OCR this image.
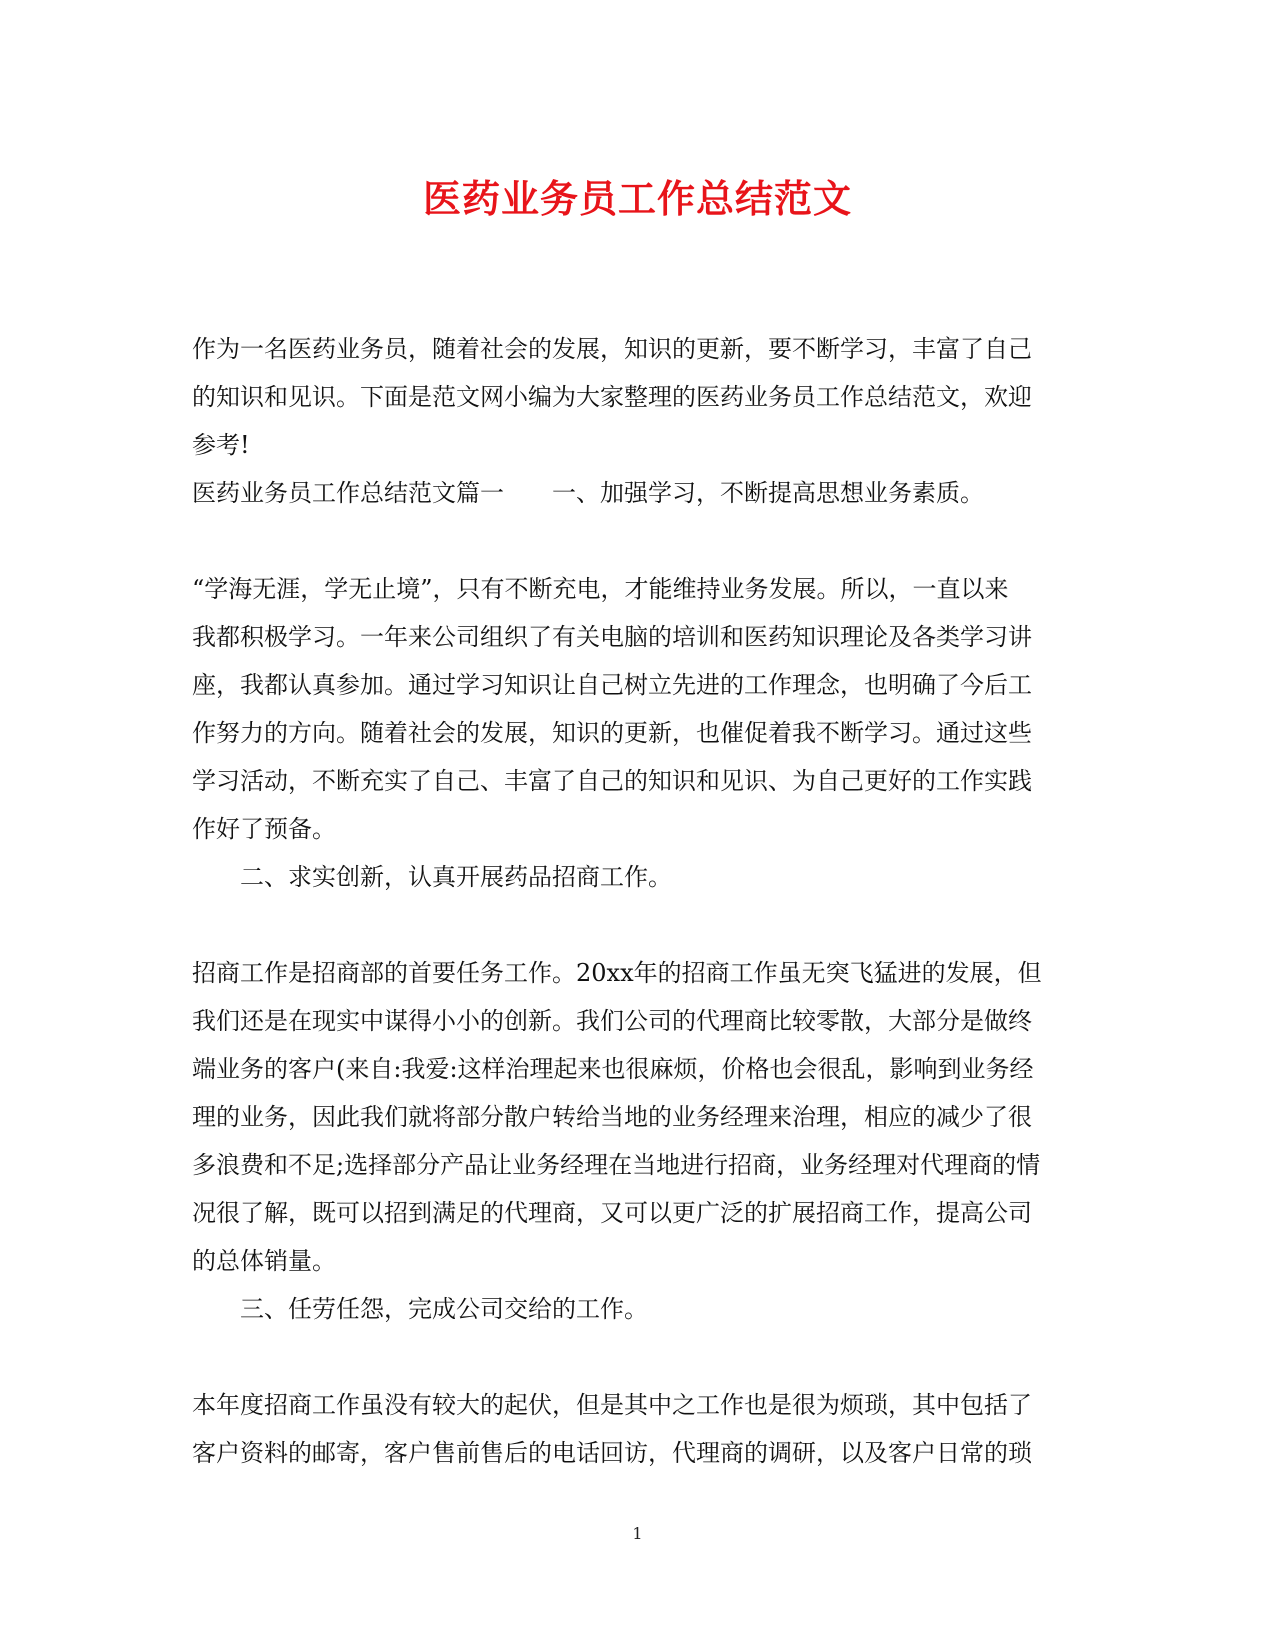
医药业务员工作总结范文

作为一名医药业务员，随着社会的发展，知识的更新，要不断学习，丰富了自己

的知识和见识。下面是范文网小编为大家整理的医药业务员工作总结范文，欢迎

参考!

医药业务员工作总结范文篇一 一、加强学习，不断提高思想业务素质。

“学海无涯，学无止境”，只有不断充电，才能维持业务发展。所以，一直以来

我都积极学习。一年来公司组织了有关电脑的培训和医药知识理论及各类学习讲

座，我都认真参加。通过学习知识让自己树立先进的工作理念，也明确了今后工

作努力的方向。随着社会的发展，知识的更新，也催促着我不断学习。通过这些

学习活动，不断充实了自己、丰富了自己的知识和见识、为自己更好的工作实践

作好了预备。

二、求实创新，认真开展药品招商工作。

招商工作是招商部的首要任务工作。20xx年的招商工作虽无突飞猛进的发展，但

我们还是在现实中谋得小小的创新。我们公司的代理商比较零散，大部分是做终

端业务的客户(来自:我爱:这样治理起来也很麻烦，价格也会很乱，影响到业务经

理的业务，因此我们就将部分散户转给当地的业务经理来治理，相应的减少了很

多浪费和不足;选择部分产品让业务经理在当地进行招商，业务经理对代理商的情

况很了解，既可以招到满足的代理商，又可以更广泛的扩展招商工作，提高公司

的总体销量。

三、任劳任怨，完成公司交给的工作。

本年度招商工作虽没有较大的起伏，但是其中之工作也是很为烦琐，其中包括了

客户资料的邮寄，客户售前售后的电话回访，代理商的调研，以及客户日常的琐

1
